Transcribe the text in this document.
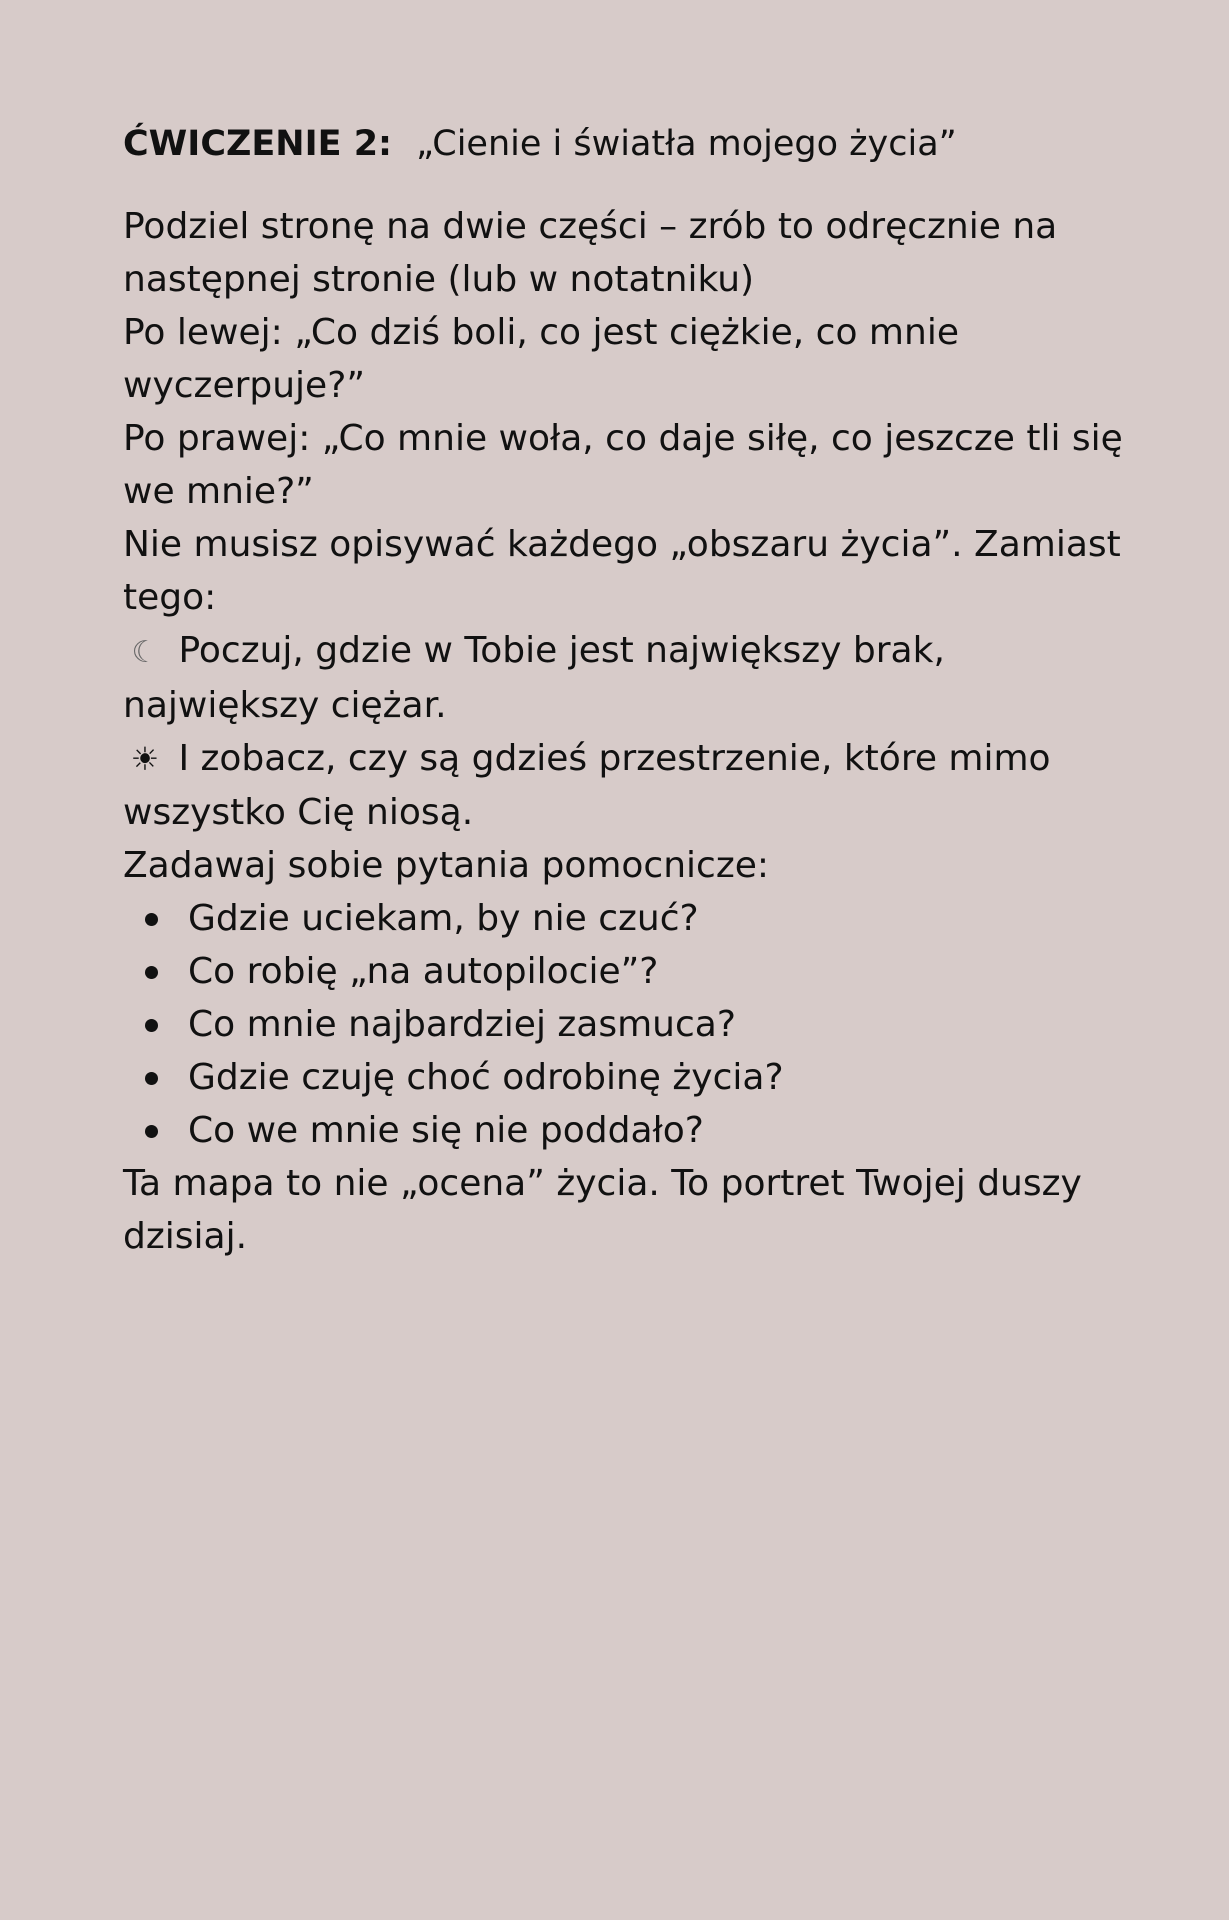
ĆWICZENIE 2: „Cienie i światła mojego życia”

Podziel stronę na dwie części – zrób to odręcznie na następnej stronie (lub w notatniku)

Po lewej: „Co dziś boli, co jest ciężkie, co mnie wyczerpuje?”

Po prawej: „Co mnie woła, co daje siłę, co jeszcze tli się we mnie?”

Nie musisz opisywać każdego „obszaru życia”. Zamiast tego:

☾ Poczuj, gdzie w Tobie jest największy brak, największy ciężar.

☀ I zobacz, czy są gdzieś przestrzenie, które mimo wszystko Cię niosą.

Zadawaj sobie pytania pomocnicze:

Gdzie uciekam, by nie czuć?
Co robię „na autopilocie”?
Co mnie najbardziej zasmuca?
Gdzie czuję choć odrobinę życia?
Co we mnie się nie poddało?

Ta mapa to nie „ocena” życia. To portret Twojej duszy dzisiaj.
